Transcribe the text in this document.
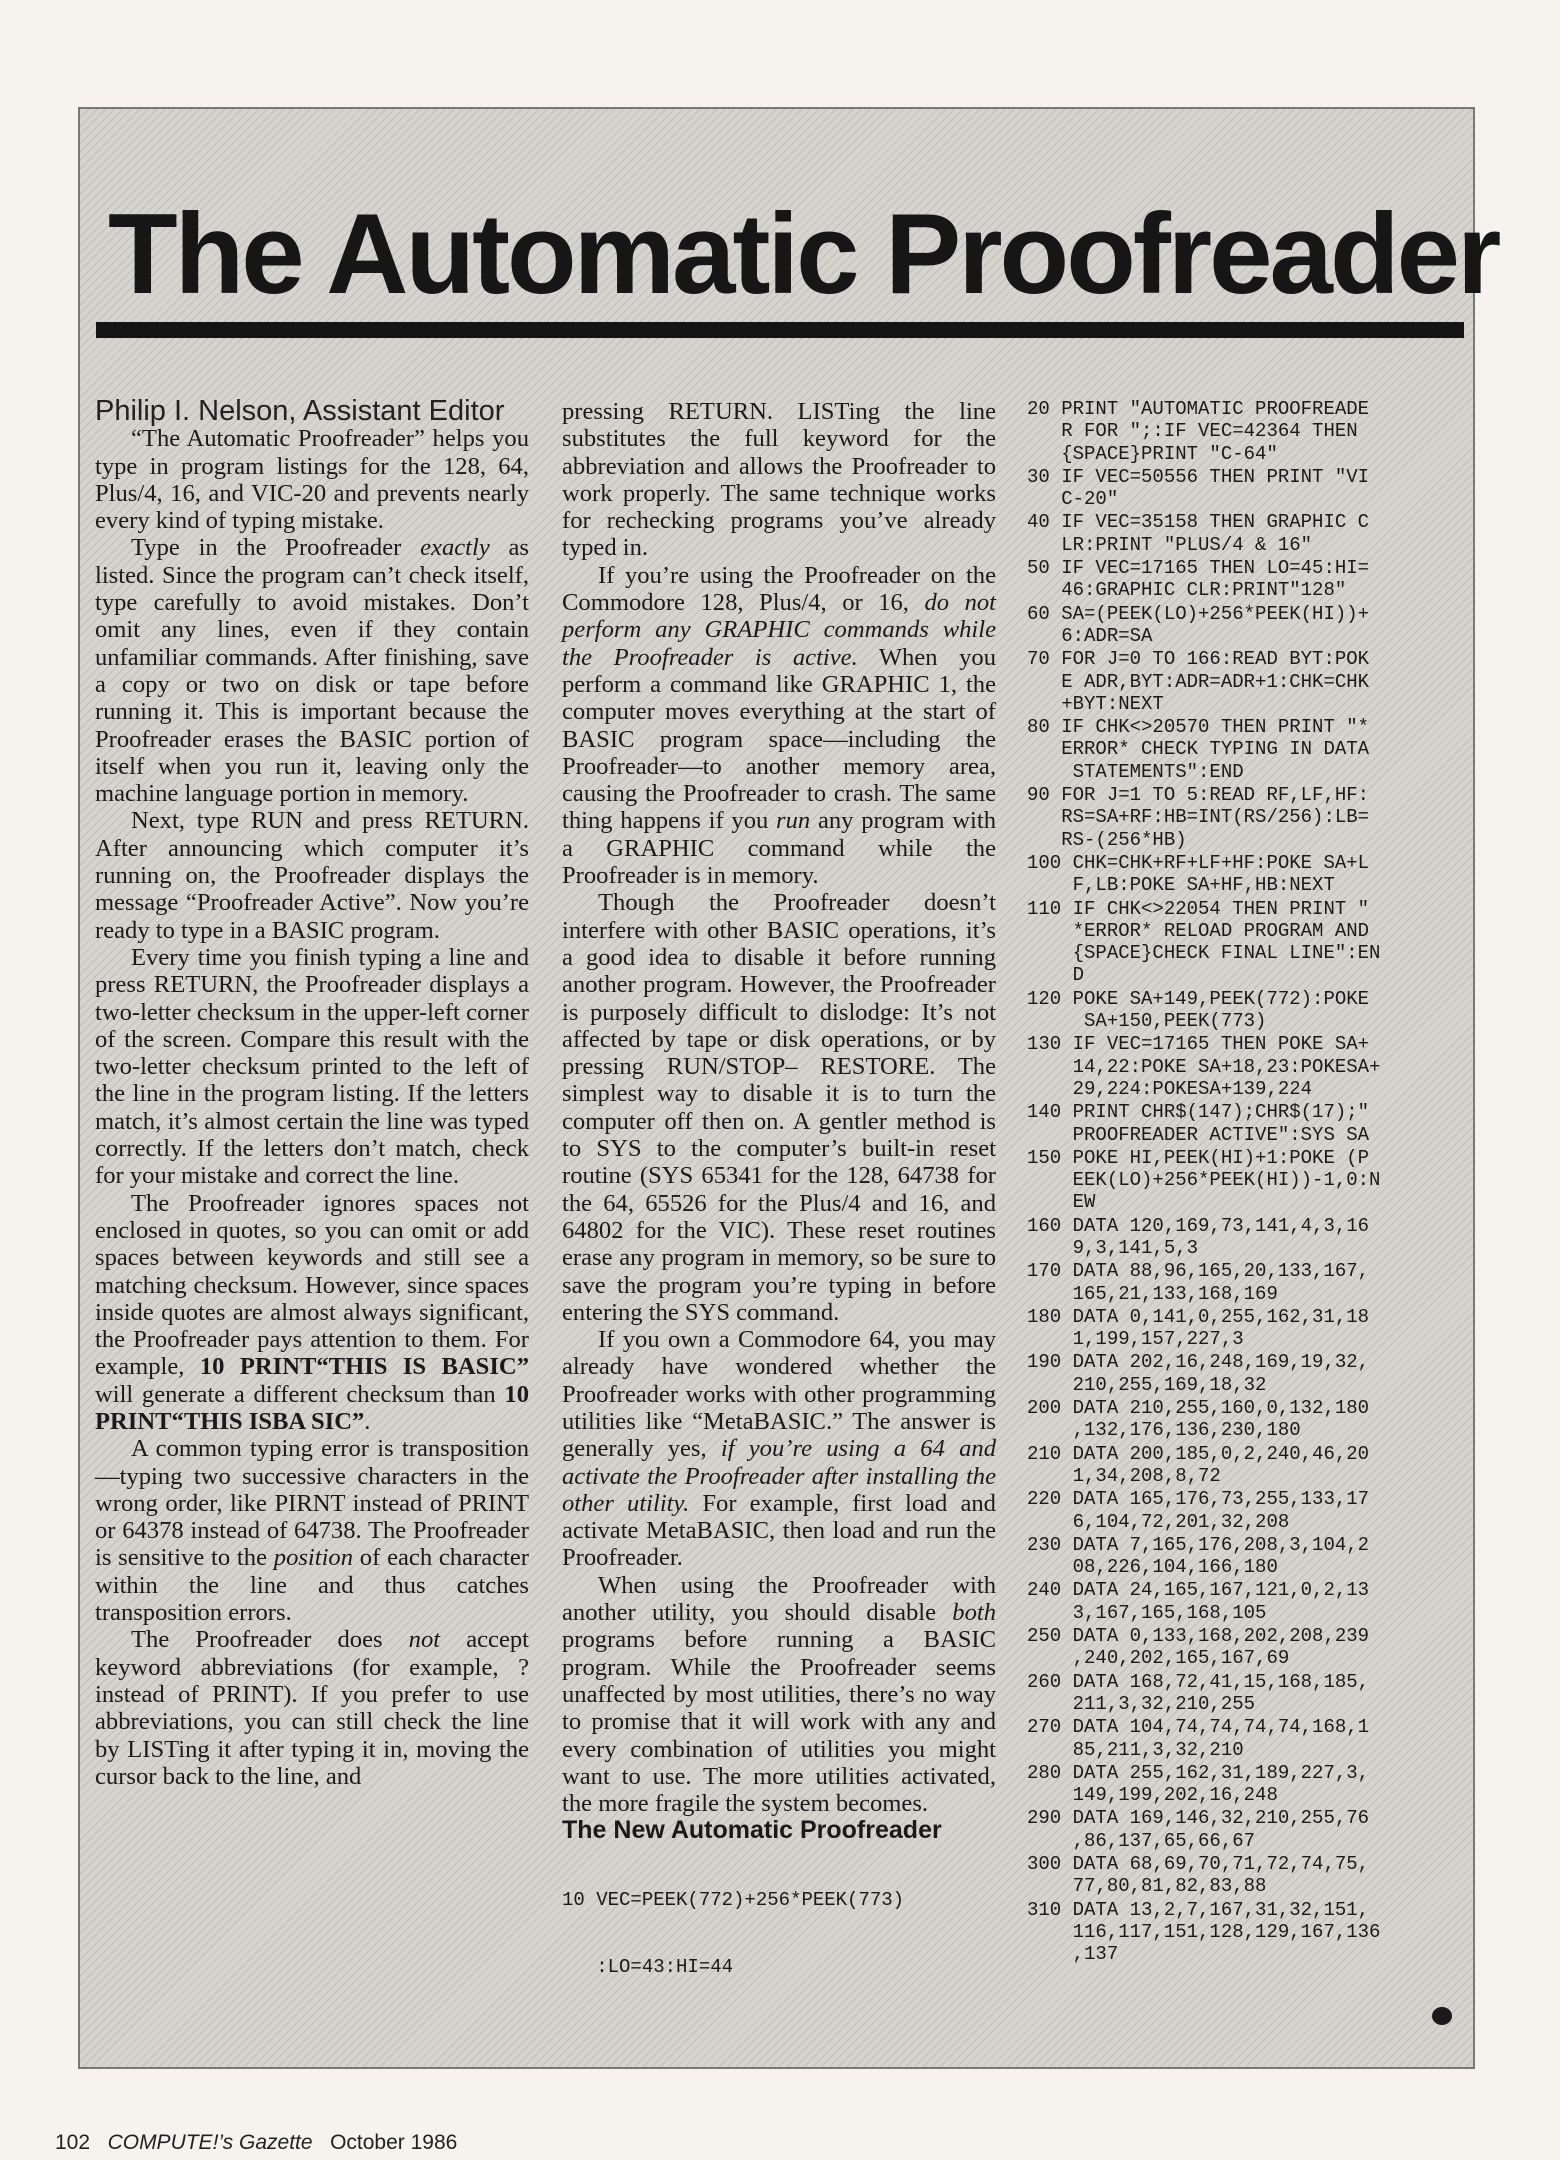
The Automatic Proofreader

Philip I. Nelson, Assistant Editor

“The Automatic Proofreader” helps you type in program listings for the 128, 64, Plus/4, 16, and VIC-20 and prevents nearly every kind of typing mistake.

Type in the Proofreader exactly as listed. Since the program can’t check itself, type carefully to avoid mistakes. Don’t omit any lines, even if they contain unfamiliar commands. After finishing, save a copy or two on disk or tape before running it. This is important because the Proofreader erases the BASIC portion of itself when you run it, leaving only the machine language portion in memory.

Next, type RUN and press RETURN. After announcing which computer it’s running on, the Proofreader displays the message “Proofreader Active”. Now you’re ready to type in a BASIC program.

Every time you finish typing a line and press RETURN, the Proofreader displays a two-letter checksum in the upper-left corner of the screen. Compare this result with the two-letter checksum printed to the left of the line in the program listing. If the letters match, it’s almost certain the line was typed correctly. If the letters don’t match, check for your mistake and correct the line.

The Proofreader ignores spaces not enclosed in quotes, so you can omit or add spaces between keywords and still see a matching checksum. However, since spaces inside quotes are almost always significant, the Proofreader pays attention to them. For example, 10 PRINT“THIS IS BASIC” will generate a different checksum than 10 PRINT“THIS ISBA SIC”.

A common typing error is transposition—typing two successive characters in the wrong order, like PIRNT instead of PRINT or 64378 instead of 64738. The Proofreader is sensitive to the position of each character within the line and thus catches transposition errors.

The Proofreader does not accept keyword abbreviations (for example, ? instead of PRINT). If you prefer to use abbreviations, you can still check the line by LISTing it after typing it in, moving the cursor back to the line, and

pressing RETURN. LISTing the line substitutes the full keyword for the abbreviation and allows the Proofreader to work properly. The same technique works for rechecking programs you’ve already typed in.

If you’re using the Proofreader on the Commodore 128, Plus/4, or 16, do not perform any GRAPHIC commands while the Proofreader is active. When you perform a command like GRAPHIC 1, the computer moves everything at the start of BASIC program space—including the Proofreader—to another memory area, causing the Proofreader to crash. The same thing happens if you run any program with a GRAPHIC command while the Proofreader is in memory.

Though the Proofreader doesn’t interfere with other BASIC operations, it’s a good idea to disable it before running another program. However, the Proofreader is purposely difficult to dislodge: It’s not affected by tape or disk operations, or by pressing RUN/STOP– RESTORE. The simplest way to disable it is to turn the computer off then on. A gentler method is to SYS to the computer’s built-in reset routine (SYS 65341 for the 128, 64738 for the 64, 65526 for the Plus/4 and 16, and 64802 for the VIC). These reset routines erase any program in memory, so be sure to save the program you’re typing in before entering the SYS command.

If you own a Commodore 64, you may already have wondered whether the Proofreader works with other programming utilities like “MetaBASIC.” The answer is generally yes, if you’re using a 64 and activate the Proofreader after installing the other utility. For example, first load and activate MetaBASIC, then load and run the Proofreader.

When using the Proofreader with another utility, you should disable both programs before running a BASIC program. While the Proofreader seems unaffected by most utilities, there’s no way to promise that it will work with any and every combination of utilities you might want to use. The more utilities activated, the more fragile the system becomes.

The New Automatic Proofreader

10 VEC=PEEK(772)+256*PEEK(773)

:LO=43:HI=44

20 PRINT "AUTOMATIC PROOFREADE
R FOR ";:IF VEC=42364 THEN
{SPACE}PRINT "C-64"
30 IF VEC=50556 THEN PRINT "VI
C-20"
40 IF VEC=35158 THEN GRAPHIC C
LR:PRINT "PLUS/4 & 16"
50 IF VEC=17165 THEN LO=45:HI=
46:GRAPHIC CLR:PRINT"128"
60 SA=(PEEK(LO)+256*PEEK(HI))+
6:ADR=SA
70 FOR J=0 TO 166:READ BYT:POK
E ADR,BYT:ADR=ADR+1:CHK=CHK
+BYT:NEXT
80 IF CHK<>20570 THEN PRINT "*
ERROR* CHECK TYPING IN DATA
STATEMENTS":END
90 FOR J=1 TO 5:READ RF,LF,HF:
RS=SA+RF:HB=INT(RS/256):LB=
RS-(256*HB)
100 CHK=CHK+RF+LF+HF:POKE SA+L
F,LB:POKE SA+HF,HB:NEXT
110 IF CHK<>22054 THEN PRINT "
*ERROR* RELOAD PROGRAM AND
{SPACE}CHECK FINAL LINE":EN
D
120 POKE SA+149,PEEK(772):POKE
SA+150,PEEK(773)
130 IF VEC=17165 THEN POKE SA+
14,22:POKE SA+18,23:POKESA+
29,224:POKESA+139,224
140 PRINT CHR$(147);CHR$(17);"
PROOFREADER ACTIVE":SYS SA
150 POKE HI,PEEK(HI)+1:POKE (P
EEK(LO)+256*PEEK(HI))-1,0:N
EW
160 DATA 120,169,73,141,4,3,16
9,3,141,5,3
170 DATA 88,96,165,20,133,167,
165,21,133,168,169
180 DATA 0,141,0,255,162,31,18
1,199,157,227,3
190 DATA 202,16,248,169,19,32,
210,255,169,18,32
200 DATA 210,255,160,0,132,180
,132,176,136,230,180
210 DATA 200,185,0,2,240,46,20
1,34,208,8,72
220 DATA 165,176,73,255,133,17
6,104,72,201,32,208
230 DATA 7,165,176,208,3,104,2
08,226,104,166,180
240 DATA 24,165,167,121,0,2,13
3,167,165,168,105
250 DATA 0,133,168,202,208,239
,240,202,165,167,69
260 DATA 168,72,41,15,168,185,
211,3,32,210,255
270 DATA 104,74,74,74,74,168,1
85,211,3,32,210
280 DATA 255,162,31,189,227,3,
149,199,202,16,248
290 DATA 169,146,32,210,255,76
,86,137,65,66,67
300 DATA 68,69,70,71,72,74,75,
77,80,81,82,83,88
310 DATA 13,2,7,167,31,32,151,
116,117,151,128,129,167,136
,137
102 COMPUTE!’s Gazette October 1986
